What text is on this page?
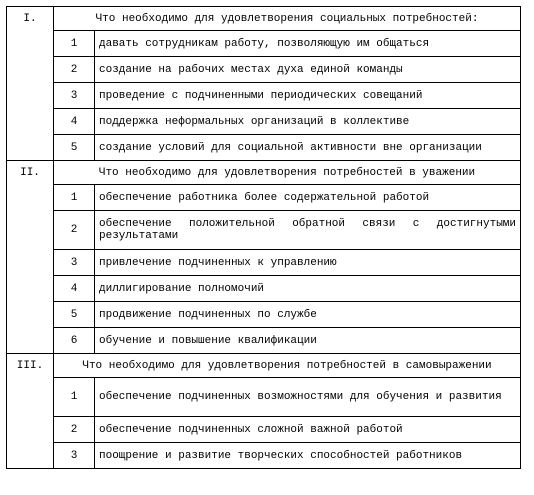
I.	Что необходимо для удовлетворения социальных потребностей:	
	1	давать сотрудникам работу, позволяющую им общаться
	2	создание на рабочих местах духа единой команды
	3	проведение с подчиненными периодических совещаний
	4	поддержка неформальных организаций в коллективе
	5	создание условий для социальной активности вне организации
II.	Что необходимо для удовлетворения потребностей в уважении	
	1	обеспечение работника более содержательной работой
	2	обеспечение положительной обратной связи с достигнутыми результатами
	3	привлечение подчиненных к управлению
	4	диллигирование полномочий
	5	продвижение подчиненных по службе
	6	обучение и повышение квалификации
III.	Что необходимо для удовлетворения потребностей в самовыражении	
	1	обеспечение подчиненных возможностями для обучения и развития
	2	обеспечение подчиненных сложной важной работой
	3	поощрение и развитие творческих способностей работников
